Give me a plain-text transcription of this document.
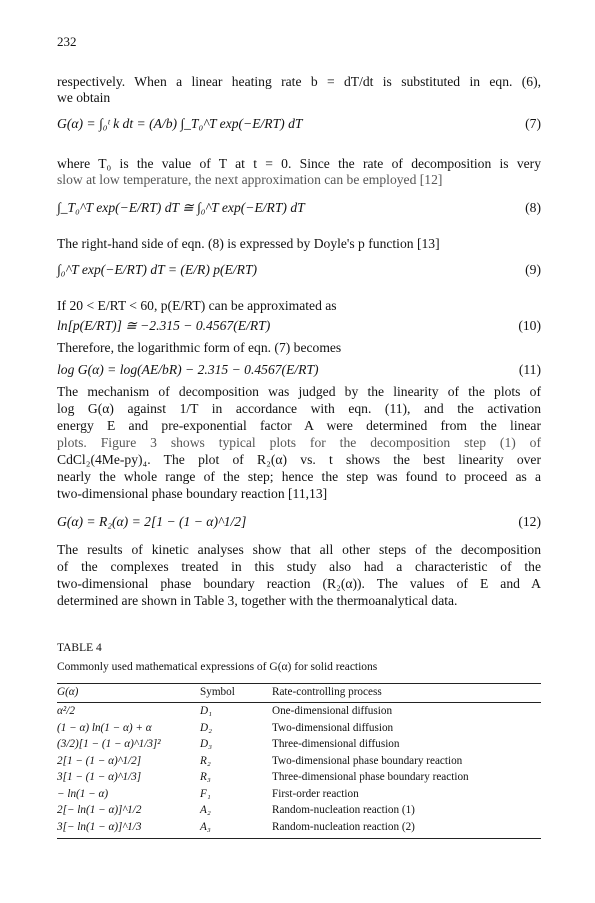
232
respectively. When a linear heating rate b = dT/dt is substituted in eqn. (6),
we obtain
G(α) = ∫₀ᵗ k dt = (A/b) ∫_T₀^T exp(−E/RT) dT	(7)
where T₀ is the value of T at t = 0. Since the rate of decomposition is very
slow at low temperature, the next approximation can be employed [12]
∫_T₀^T exp(−E/RT) dT ≅ ∫₀^T exp(−E/RT) dT	(8)
The right-hand side of eqn. (8) is expressed by Doyle's p function [13]
∫₀^T exp(−E/RT) dT = (E/R) p(E/RT)	(9)
If 20 < E/RT < 60, p(E/RT) can be approximated as
ln[p(E/RT)] ≅ −2.315 − 0.4567(E/RT)	(10)
Therefore, the logarithmic form of eqn. (7) becomes
log G(α) = log(AE/bR) − 2.315 − 0.4567(E/RT)	(11)
The mechanism of decomposition was judged by the linearity of the plots of
log G(α) against 1/T in accordance with eqn. (11), and the activation
energy E and pre-exponential factor A were determined from the linear
plots. Figure 3 shows typical plots for the decomposition step (1) of
CdCl₂(4Me-py)₄. The plot of R₂(α) vs. t shows the best linearity over
nearly the whole range of the step; hence the step was found to proceed as a
two-dimensional phase boundary reaction [11,13]
G(α) = R₂(α) = 2[1 − (1 − α)^1/2]	(12)
The results of kinetic analyses show that all other steps of the decomposition
of the complexes treated in this study also had a characteristic of the
two-dimensional phase boundary reaction (R₂(α)). The values of E and A
determined are shown in Table 3, together with the thermoanalytical data.
TABLE 4
Commonly used mathematical expressions of G(α) for solid reactions
G(α)	Symbol	Rate-controlling process
α²/2	D₁	One-dimensional diffusion
(1 − α) ln(1 − α) + α	D₂	Two-dimensional diffusion
(3/2)[1 − (1 − α)^1/3]²	D₃	Three-dimensional diffusion
2[1 − (1 − α)^1/2]	R₂	Two-dimensional phase boundary reaction
3[1 − (1 − α)^1/3]	R₃	Three-dimensional phase boundary reaction
− ln(1 − α)	F₁	First-order reaction
2[− ln(1 − α)]^1/2	A₂	Random-nucleation reaction (1)
3[− ln(1 − α)]^1/3	A₃	Random-nucleation reaction (2)
